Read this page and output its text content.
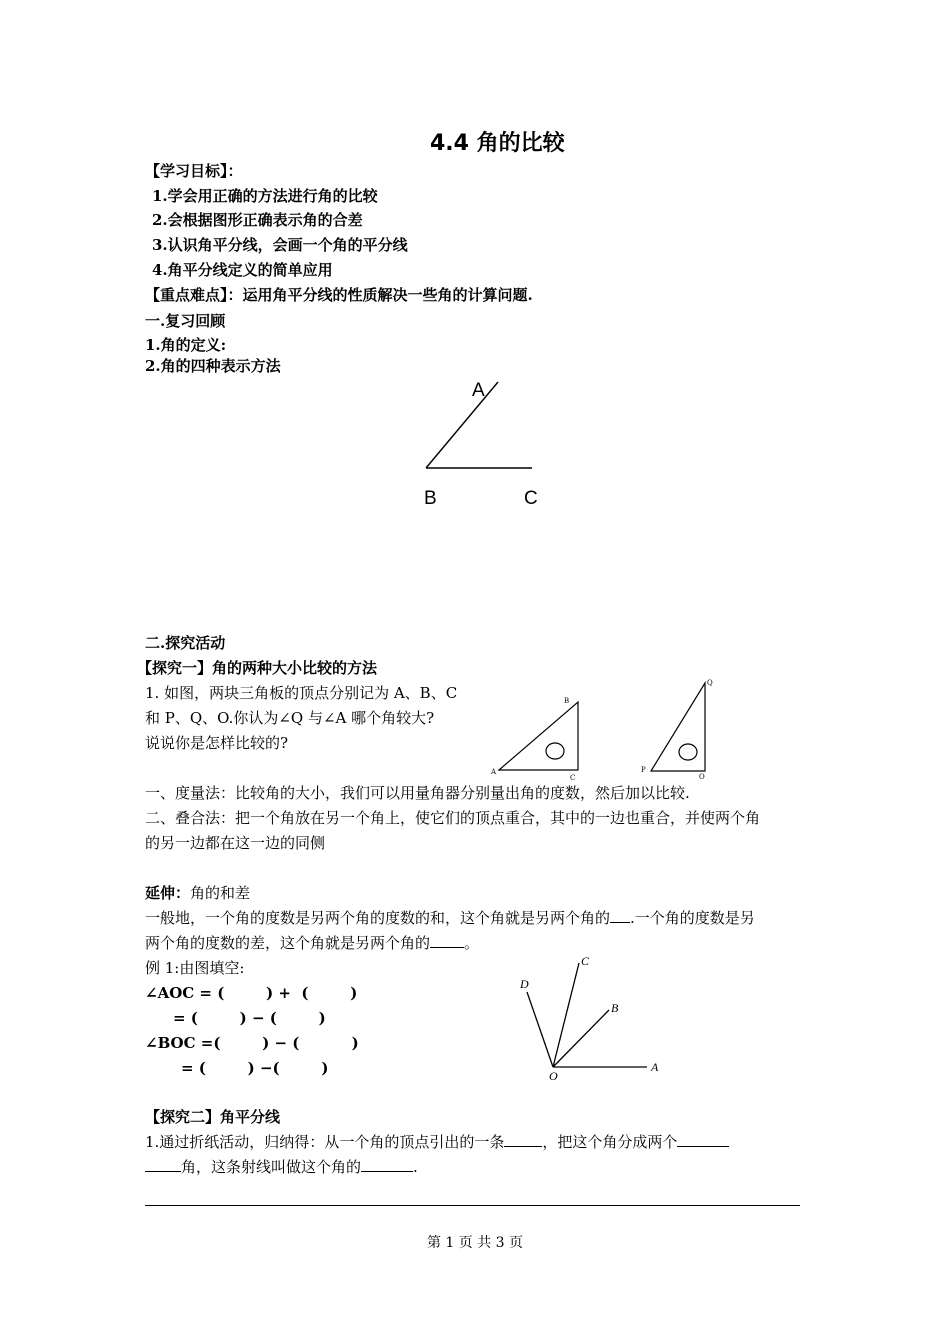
4.4 角的比较
【学习目标】：
1.学会用正确的方法进行角的比较
2.会根据图形正确表示角的合差
3.认识角平分线，会画一个角的平分线
4.角平分线定义的简单应用
【重点难点】：运用角平分线的性质解决一些角的计算问题.
一.复习回顾
1.角的定义:
2.角的四种表示方法
A
B	C
二.探究活动
【探究一】角的两种大小比较的方法
1. 如图，两块三角板的顶点分别记为 A、B、C
和 P、Q、O.你认为∠Q 与∠A 哪个角较大?
说说你是怎样比较的?
B
A
C
Q
P
O
一、度量法：比较角的大小，我们可以用量角器分别量出角的度数，然后加以比较.
二、叠合法：把一个角放在另一个角上，使它们的顶点重合，其中的一边也重合，并使两个角
的另一边都在这一边的同侧
延伸：角的和差
一般地，一个角的度数是另两个角的度数的和，这个角就是另两个角的 .一个角的度数是另
两个角的度数的差，这个角就是另两个角的 。
例 1:由图填空:
∠AOC = (        ) +  (        )
= (        ) − (        )
∠BOC =(        ) − (          )
= (        ) −(        )	A
B
C
D
O
【探究二】角平分线
1.通过折纸活动，归纳得：从一个角的顶点引出的一条	，把这个角分成两个
角，这条射线叫做这个角的	.
第 1 页 共 3 页
